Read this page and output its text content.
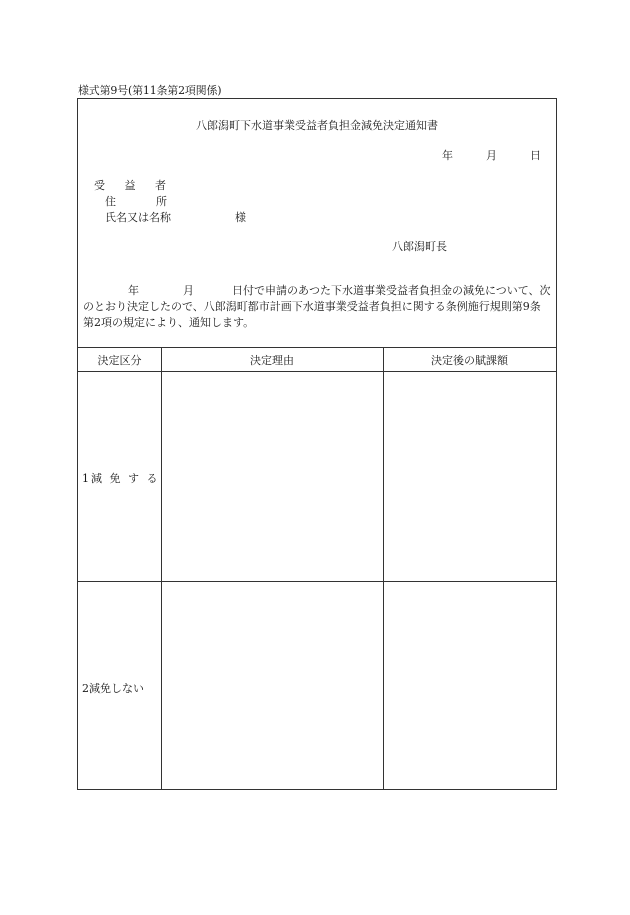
様式第9号(第11条第2項関係)
八郎潟町下水道事業受益者負担金減免決定通知書
年	月	日
受 益 者
住所
氏名又は名称	様
八郎潟町長
年	月	日付で申請のあつた下水道事業受益者負担金の減免について、次のとおり決定したので、八郎潟町都市計画下水道事業受益者負担に関する条例施行規則第9条第2項の規定により、通知します。
決定区分	決定理由	決定後の賦課額
1減 免 す る
2減免しない
